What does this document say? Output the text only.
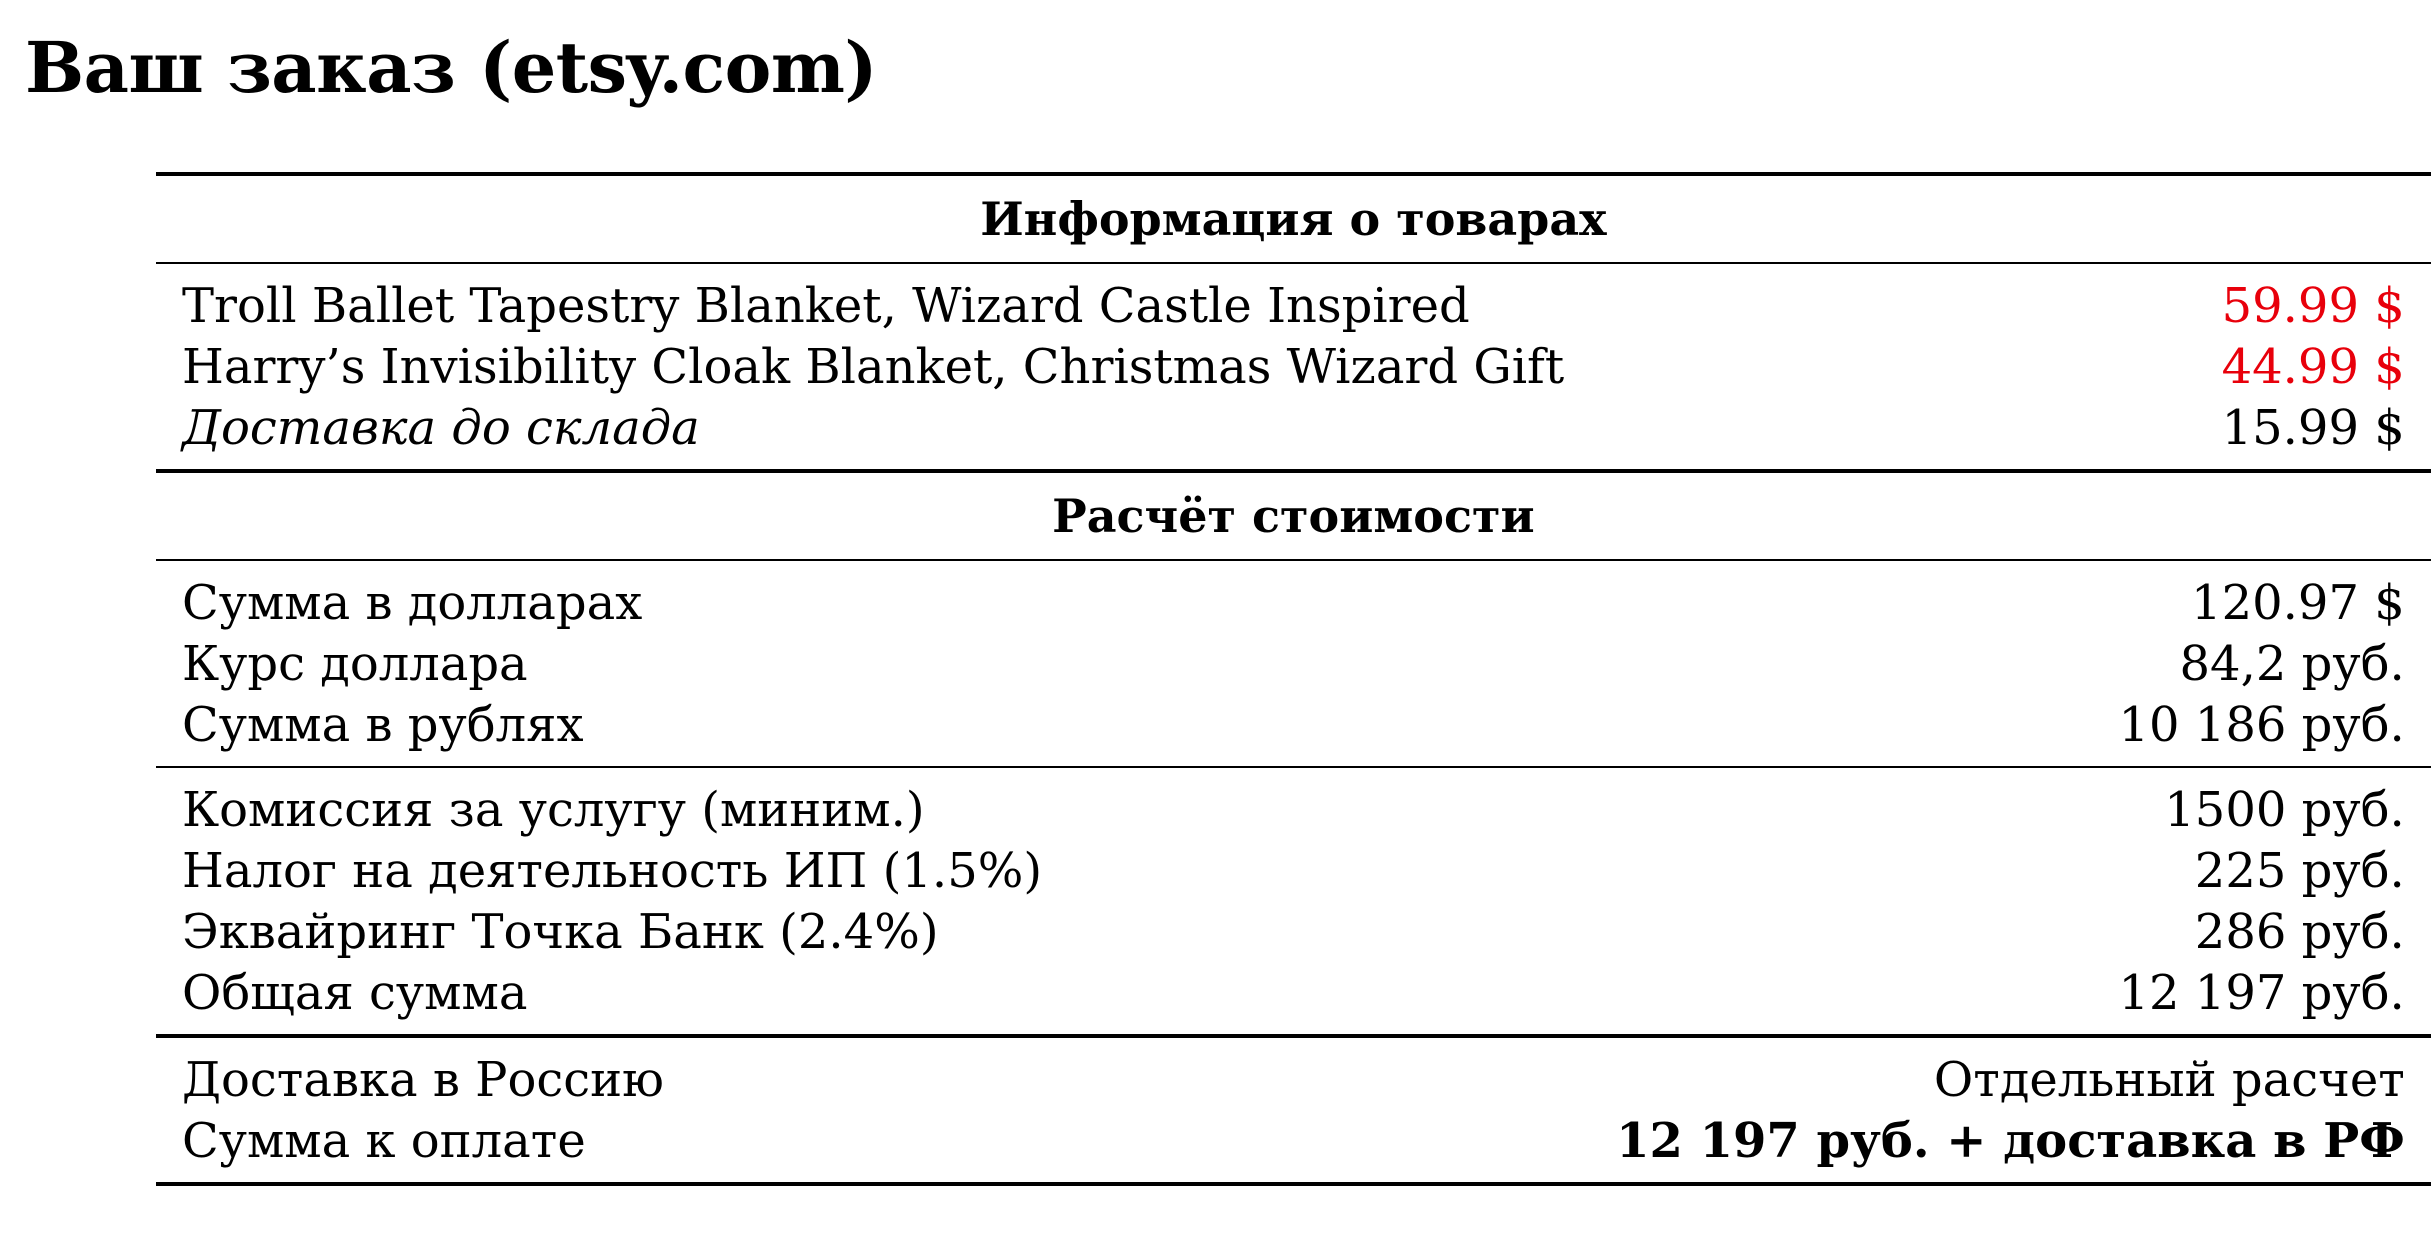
Ваш заказ (etsy.com)
Информация о товарах	
Troll Ballet Tapestry Blanket, Wizard Castle Inspired	59.99 $
Harry’s Invisibility Cloak Blanket, Christmas Wizard Gift	44.99 $
Доставка до склада	15.99 $
Расчёт стоимости	
Сумма в долларах	120.97 $
Курс доллара	84,2 руб.
Сумма в рублях	10 186 руб.
Комиссия за услугу (миним.)	1500 руб.
Налог на деятельность ИП (1.5%)	225 руб.
Эквайринг Точка Банк (2.4%)	286 руб.
Общая сумма	12 197 руб.
Доставка в Россию	Отдельный расчет
Сумма к оплате	12 197 руб. + доставка в РФ
